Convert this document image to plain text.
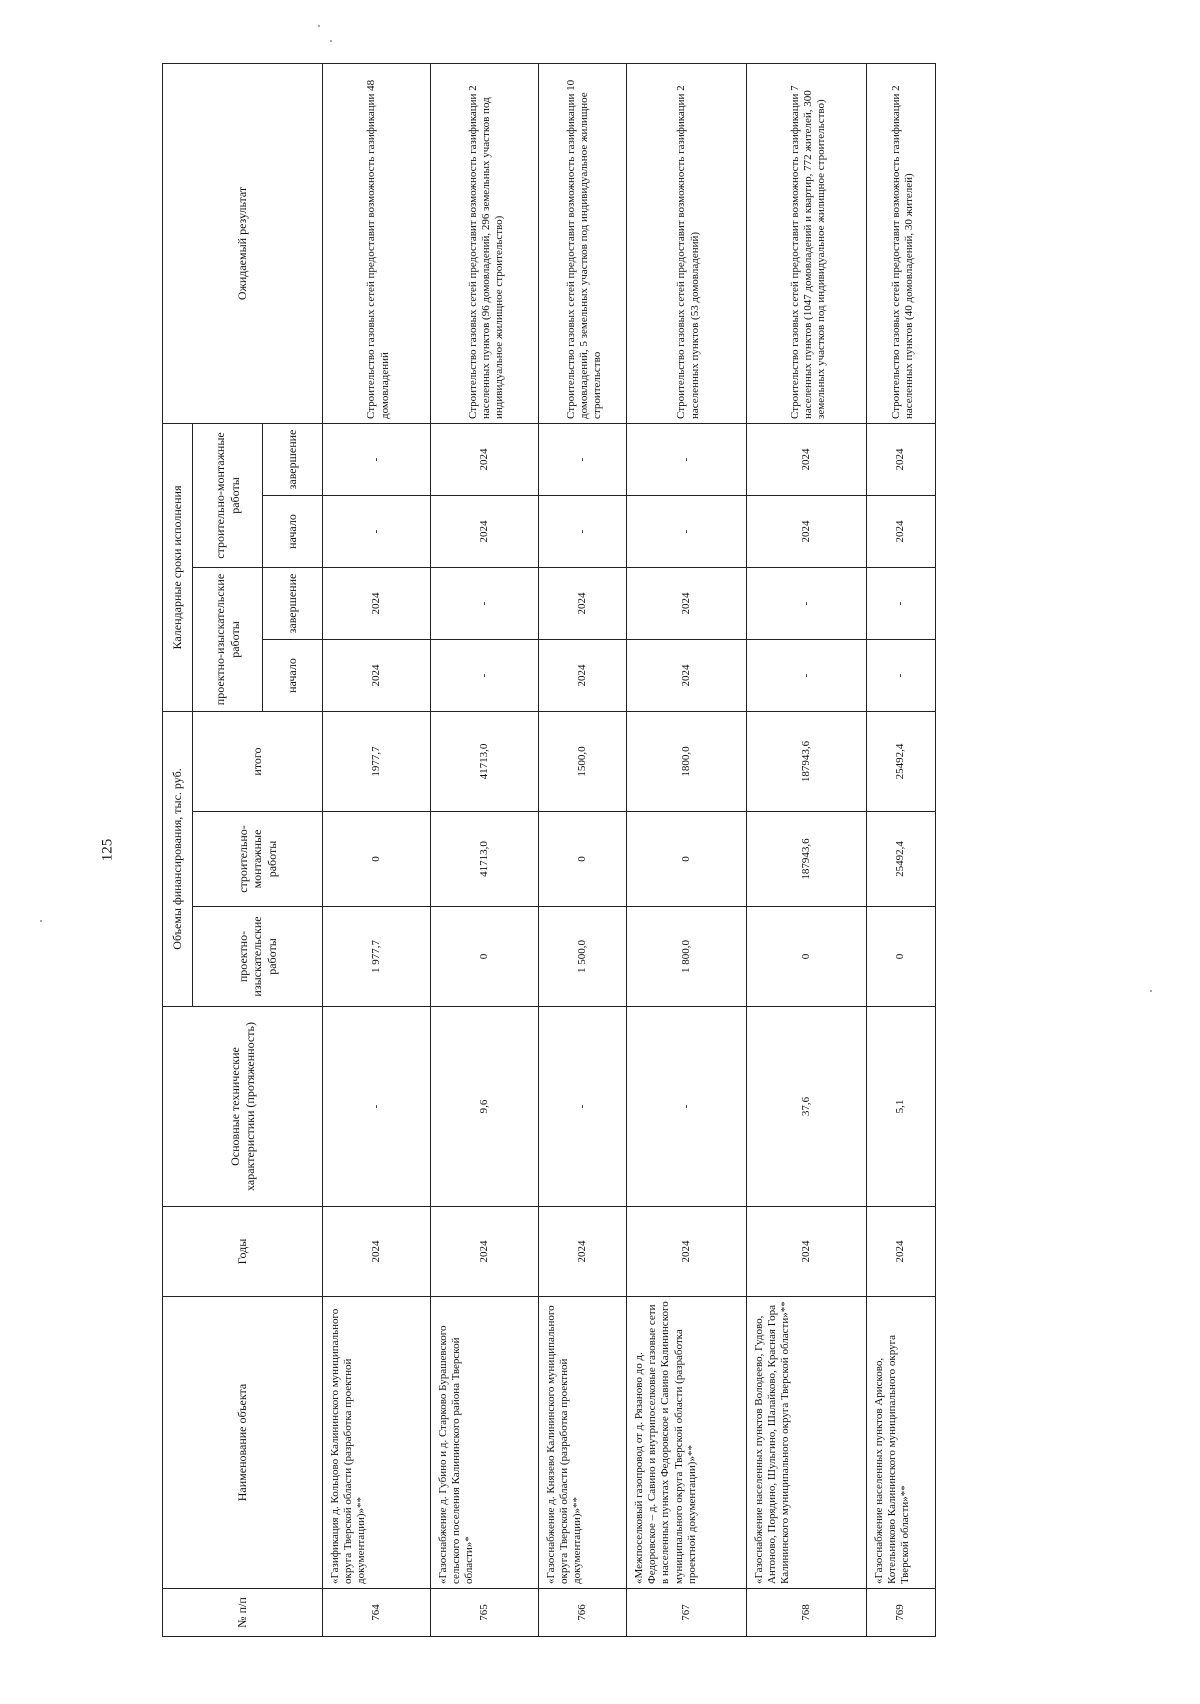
125
№ п/п	Наименование объекта	Годы	Основные технические характеристики (протяженность)	Объемы финансирования, тыс. руб.			Календарные сроки исполнения				Ожидаемый результат
				проектно-изыскательские работы	строительно-монтажные работы	итого	проектно-изыскательские работы		строительно-монтажные работы		
							начало	завершение	начало	завершение	
764	«Газификация д. Кольцово Калининского муниципального округа Тверской области (разработка проектной документации)»**	2024	-	1 977,7	0	1977,7	2024	2024	-	-	Строительство газовых сетей предоставит возможность газификации 48 домовладений
765	«Газоснабжение д. Губино и д. Старково Бурашевского сельского поселения Калининского района Тверской области»*	2024	9,6	0	41713,0	41713,0	-	-	2024	2024	Строительство газовых сетей предоставит возможность газификации 2 населенных пунктов (96 домовладений, 296 земельных участков под индивидуальное жилищное строительство)
766	«Газоснабжение д. Князево Калининского муниципального округа Тверской области (разработка проектной документации)»**	2024	-	1 500,0	0	1500,0	2024	2024	-	-	Строительство газовых сетей предоставит возможность газификации 10 домовладений, 5 земельных участков под индивидуальное жилищное строительство
767	«Межпоселковый газопровод от д. Рязаново до д. Федоровское – д. Савино и внутрипоселковые газовые сети в населенных пунктах Федоровское и Савино Калининского муниципального округа Тверской области (разработка проектной документации)»**	2024	-	1 800,0	0	1800,0	2024	2024	-	-	Строительство газовых сетей предоставит возможность газификации 2 населенных пунктов (53 домовладений)
768	«Газоснабжение населенных пунктов Володеево, Гудово, Антоново, Порядино, Шульгино, Шалайково, Красная Гора Калининского муниципального округа Тверской области»**	2024	37,6	0	187943,6	187943,6	-	-	2024	2024	Строительство газовых сетей предоставит возможность газификации 7 населенных пунктов (1047 домовладений и квартир, 772 жителей, 300 земельных участков под индивидуальное жилищное строительство)
769	«Газоснабжение населенных пунктов Арисково, Котельниково Калининского муниципального округа Тверской области»**	2024	5,1	0	25492,4	25492,4	-	-	2024	2024	Строительство газовых сетей предоставит возможность газификации 2 населенных пунктов (40 домовладений, 30 жителей)
